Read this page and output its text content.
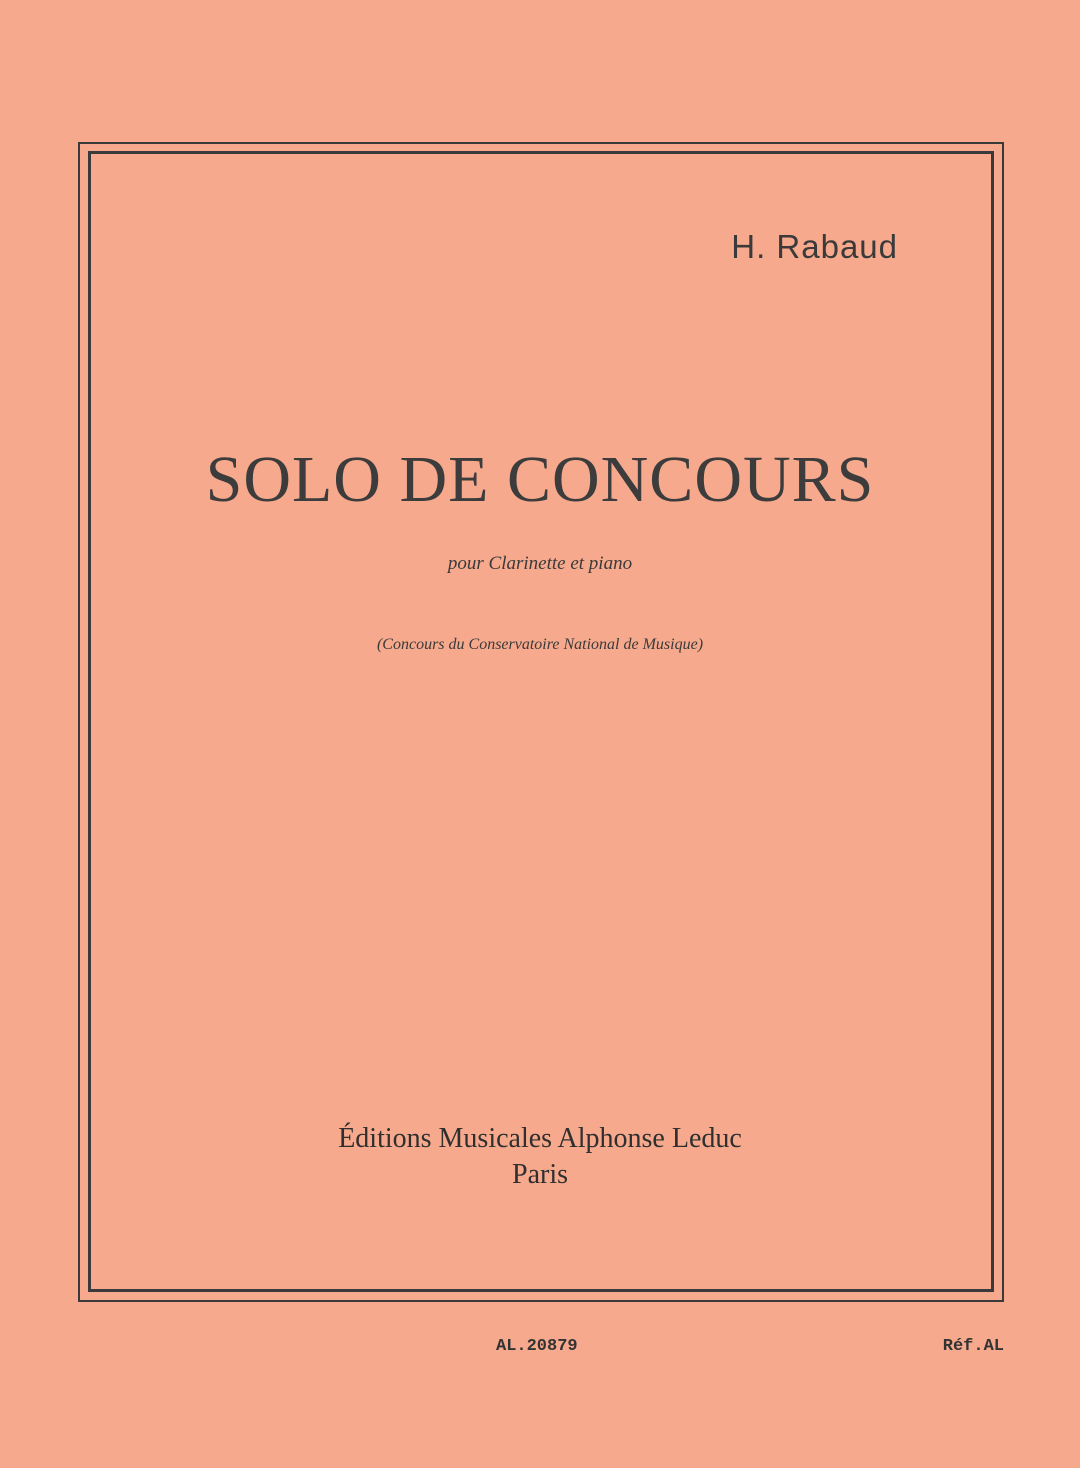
H. Rabaud
SOLO DE CONCOURS
pour Clarinette et piano
(Concours du Conservatoire National de Musique)
Éditions Musicales Alphonse Leduc
Paris
AL.20879	Réf.AL
